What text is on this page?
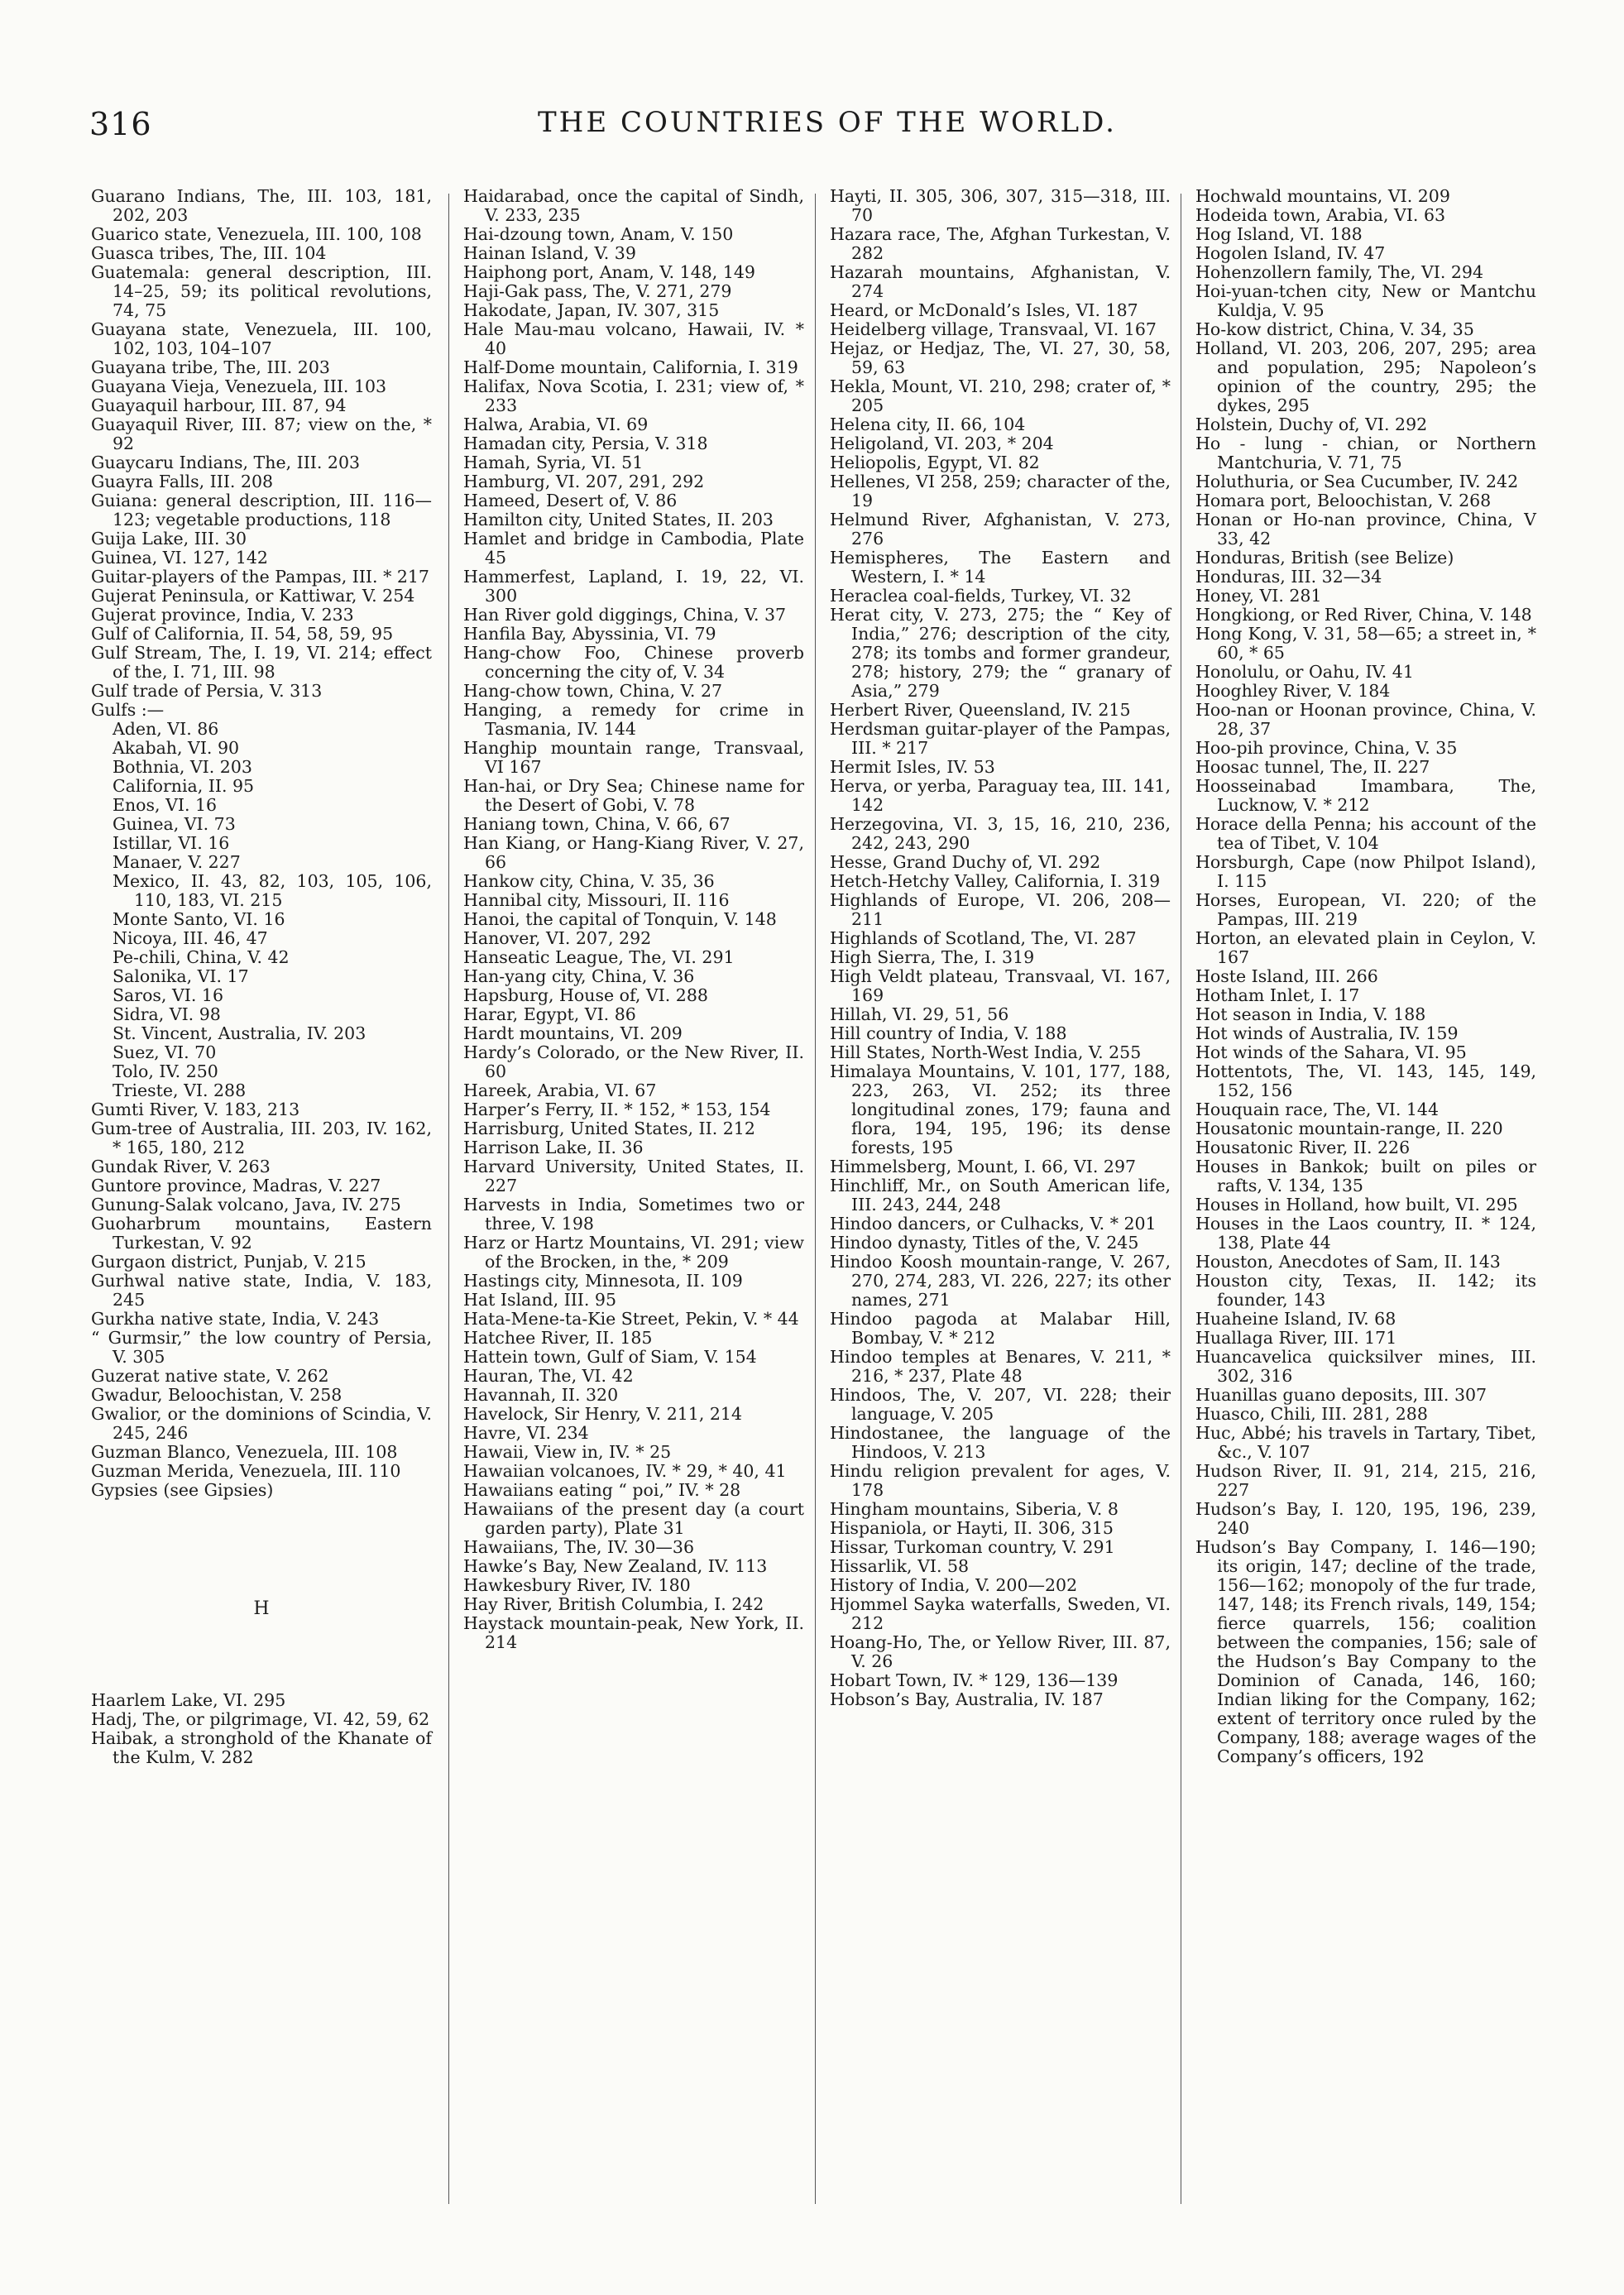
316	THE COUNTRIES OF THE WORLD.

Guarano Indians, The, III. 103, 181, 202, 203

Guarico state, Venezuela, III. 100, 108

Guasca tribes, The, III. 104

Guatemala: general description, III. 14–25, 59; its political revolutions, 74, 75

Guayana state, Venezuela, III. 100, 102, 103, 104–107

Guayana tribe, The, III. 203

Guayana Vieja, Venezuela, III. 103

Guayaquil harbour, III. 87, 94

Guayaquil River, III. 87; view on the, * 92

Guaycaru Indians, The, III. 203

Guayra Falls, III. 208

Guiana: general description, III. 116—123; vegetable productions, 118

Guija Lake, III. 30

Guinea, VI. 127, 142

Guitar-players of the Pampas, III. * 217

Gujerat Peninsula, or Kattiwar, V. 254

Gujerat province, India, V. 233

Gulf of California, II. 54, 58, 59, 95

Gulf Stream, The, I. 19, VI. 214; effect of the, I. 71, III. 98

Gulf trade of Persia, V. 313

Gulfs :—

Aden, VI. 86

Akabah, VI. 90

Bothnia, VI. 203

California, II. 95

Enos, VI. 16

Guinea, VI. 73

Istillar, VI. 16

Manaer, V. 227

Mexico, II. 43, 82, 103, 105, 106, 110, 183, VI. 215

Monte Santo, VI. 16

Nicoya, III. 46, 47

Pe-chili, China, V. 42

Salonika, VI. 17

Saros, VI. 16

Sidra, VI. 98

St. Vincent, Australia, IV. 203

Suez, VI. 70

Tolo, IV. 250

Trieste, VI. 288

Gumti River, V. 183, 213

Gum-tree of Australia, III. 203, IV. 162, * 165, 180, 212

Gundak River, V. 263

Guntore province, Madras, V. 227

Gunung-Salak volcano, Java, IV. 275

Guoharbrum mountains, Eastern Turkestan, V. 92

Gurgaon district, Punjab, V. 215

Gurhwal native state, India, V. 183, 245

Gurkha native state, India, V. 243

“ Gurmsir,” the low country of Persia, V. 305

Guzerat native state, V. 262

Gwadur, Beloochistan, V. 258

Gwalior, or the dominions of Scindia, V. 245, 246

Guzman Blanco, Venezuela, III. 108

Guzman Merida, Venezuela, III. 110

Gypsies (see Gipsies)

H

Haarlem Lake, VI. 295

Hadj, The, or pilgrimage, VI. 42, 59, 62

Haibak, a stronghold of the Khanate of the Kulm, V. 282

Haidarabad, once the capital of Sindh, V. 233, 235

Hai-dzoung town, Anam, V. 150

Hainan Island, V. 39

Haiphong port, Anam, V. 148, 149

Haji-Gak pass, The, V. 271, 279

Hakodate, Japan, IV. 307, 315

Hale Mau-mau volcano, Hawaii, IV. * 40

Half-Dome mountain, California, I. 319

Halifax, Nova Scotia, I. 231; view of, * 233

Halwa, Arabia, VI. 69

Hamadan city, Persia, V. 318

Hamah, Syria, VI. 51

Hamburg, VI. 207, 291, 292

Hameed, Desert of, V. 86

Hamilton city, United States, II. 203

Hamlet and bridge in Cambodia, Plate 45

Hammerfest, Lapland, I. 19, 22, VI. 300

Han River gold diggings, China, V. 37

Hanfila Bay, Abyssinia, VI. 79

Hang-chow Foo, Chinese proverb concerning the city of, V. 34

Hang-chow town, China, V. 27

Hanging, a remedy for crime in Tasmania, IV. 144

Hanghip mountain range, Transvaal, VI 167

Han-hai, or Dry Sea; Chinese name for the Desert of Gobi, V. 78

Haniang town, China, V. 66, 67

Han Kiang, or Hang-Kiang River, V. 27, 66

Hankow city, China, V. 35, 36

Hannibal city, Missouri, II. 116

Hanoi, the capital of Tonquin, V. 148

Hanover, VI. 207, 292

Hanseatic League, The, VI. 291

Han-yang city, China, V. 36

Hapsburg, House of, VI. 288

Harar, Egypt, VI. 86

Hardt mountains, VI. 209

Hardy’s Colorado, or the New River, II. 60

Hareek, Arabia, VI. 67

Harper’s Ferry, II. * 152, * 153, 154

Harrisburg, United States, II. 212

Harrison Lake, II. 36

Harvard University, United States, II. 227

Harvests in India, Sometimes two or three, V. 198

Harz or Hartz Mountains, VI. 291; view of the Brocken, in the, * 209

Hastings city, Minnesota, II. 109

Hat Island, III. 95

Hata-Mene-ta-Kie Street, Pekin, V. * 44

Hatchee River, II. 185

Hattein town, Gulf of Siam, V. 154

Hauran, The, VI. 42

Havannah, II. 320

Havelock, Sir Henry, V. 211, 214

Havre, VI. 234

Hawaii, View in, IV. * 25

Hawaiian volcanoes, IV. * 29, * 40, 41

Hawaiians eating “ poi,” IV. * 28

Hawaiians of the present day (a court garden party), Plate 31

Hawaiians, The, IV. 30—36

Hawke’s Bay, New Zealand, IV. 113

Hawkesbury River, IV. 180

Hay River, British Columbia, I. 242

Haystack mountain-peak, New York, II. 214

Hayti, II. 305, 306, 307, 315—318, III. 70

Hazara race, The, Afghan Turkestan, V. 282

Hazarah mountains, Afghanistan, V. 274

Heard, or McDonald’s Isles, VI. 187

Heidelberg village, Transvaal, VI. 167

Hejaz, or Hedjaz, The, VI. 27, 30, 58, 59, 63

Hekla, Mount, VI. 210, 298; crater of, * 205

Helena city, II. 66, 104

Heligoland, VI. 203, * 204

Heliopolis, Egypt, VI. 82

Hellenes, VI 258, 259; character of the, 19

Helmund River, Afghanistan, V. 273, 276

Hemispheres, The Eastern and Western, I. * 14

Heraclea coal-fields, Turkey, VI. 32

Herat city, V. 273, 275; the “ Key of India,” 276; description of the city, 278; its tombs and former grandeur, 278; history, 279; the “ granary of Asia,” 279

Herbert River, Queensland, IV. 215

Herdsman guitar-player of the Pampas, III. * 217

Hermit Isles, IV. 53

Herva, or yerba, Paraguay tea, III. 141, 142

Herzegovina, VI. 3, 15, 16, 210, 236, 242, 243, 290

Hesse, Grand Duchy of, VI. 292

Hetch-Hetchy Valley, California, I. 319

Highlands of Europe, VI. 206, 208—211

Highlands of Scotland, The, VI. 287

High Sierra, The, I. 319

High Veldt plateau, Transvaal, VI. 167, 169

Hillah, VI. 29, 51, 56

Hill country of India, V. 188

Hill States, North-West India, V. 255

Himalaya Mountains, V. 101, 177, 188, 223, 263, VI. 252; its three longitudinal zones, 179; fauna and flora, 194, 195, 196; its dense forests, 195

Himmelsberg, Mount, I. 66, VI. 297

Hinchliff, Mr., on South American life, III. 243, 244, 248

Hindoo dancers, or Culhacks, V. * 201

Hindoo dynasty, Titles of the, V. 245

Hindoo Koosh mountain-range, V. 267, 270, 274, 283, VI. 226, 227; its other names, 271

Hindoo pagoda at Malabar Hill, Bombay, V. * 212

Hindoo temples at Benares, V. 211, * 216, * 237, Plate 48

Hindoos, The, V. 207, VI. 228; their language, V. 205

Hindostanee, the language of the Hindoos, V. 213

Hindu religion prevalent for ages, V. 178

Hingham mountains, Siberia, V. 8

Hispaniola, or Hayti, II. 306, 315

Hissar, Turkoman country, V. 291

Hissarlik, VI. 58

History of India, V. 200—202

Hjommel Sayka waterfalls, Sweden, VI. 212

Hoang-Ho, The, or Yellow River, III. 87, V. 26

Hobart Town, IV. * 129, 136—139

Hobson’s Bay, Australia, IV. 187

Hochwald mountains, VI. 209

Hodeida town, Arabia, VI. 63

Hog Island, VI. 188

Hogolen Island, IV. 47

Hohenzollern family, The, VI. 294

Hoi-yuan-tchen city, New or Mantchu Kuldja, V. 95

Ho-kow district, China, V. 34, 35

Holland, VI. 203, 206, 207, 295; area and population, 295; Napoleon’s opinion of the country, 295; the dykes, 295

Holstein, Duchy of, VI. 292

Ho - lung - chian, or Northern Mantchuria, V. 71, 75

Holuthuria, or Sea Cucumber, IV. 242

Homara port, Beloochistan, V. 268

Honan or Ho-nan province, China, V 33, 42

Honduras, British (see Belize)

Honduras, III. 32—34

Honey, VI. 281

Hongkiong, or Red River, China, V. 148

Hong Kong, V. 31, 58—65; a street in, * 60, * 65

Honolulu, or Oahu, IV. 41

Hooghley River, V. 184

Hoo-nan or Hoonan province, China, V. 28, 37

Hoo-pih province, China, V. 35

Hoosac tunnel, The, II. 227

Hoosseinabad Imambara, The, Lucknow, V. * 212

Horace della Penna; his account of the tea of Tibet, V. 104

Horsburgh, Cape (now Philpot Island), I. 115

Horses, European, VI. 220; of the Pampas, III. 219

Horton, an elevated plain in Ceylon, V. 167

Hoste Island, III. 266

Hotham Inlet, I. 17

Hot season in India, V. 188

Hot winds of Australia, IV. 159

Hot winds of the Sahara, VI. 95

Hottentots, The, VI. 143, 145, 149, 152, 156

Houquain race, The, VI. 144

Housatonic mountain-range, II. 220

Housatonic River, II. 226

Houses in Bankok; built on piles or rafts, V. 134, 135

Houses in Holland, how built, VI. 295

Houses in the Laos country, II. * 124, 138, Plate 44

Houston, Anecdotes of Sam, II. 143

Houston city, Texas, II. 142; its founder, 143

Huaheine Island, IV. 68

Huallaga River, III. 171

Huancavelica quicksilver mines, III. 302, 316

Huanillas guano deposits, III. 307

Huasco, Chili, III. 281, 288

Huc, Abbé; his travels in Tartary, Tibet, &c., V. 107

Hudson River, II. 91, 214, 215, 216, 227

Hudson’s Bay, I. 120, 195, 196, 239, 240

Hudson’s Bay Company, I. 146—190; its origin, 147; decline of the trade, 156—162; monopoly of the fur trade, 147, 148; its French rivals, 149, 154; fierce quarrels, 156; coalition between the companies, 156; sale of the Hudson’s Bay Company to the Dominion of Canada, 146, 160; Indian liking for the Company, 162; extent of territory once ruled by the Company, 188; average wages of the Company’s officers, 192
